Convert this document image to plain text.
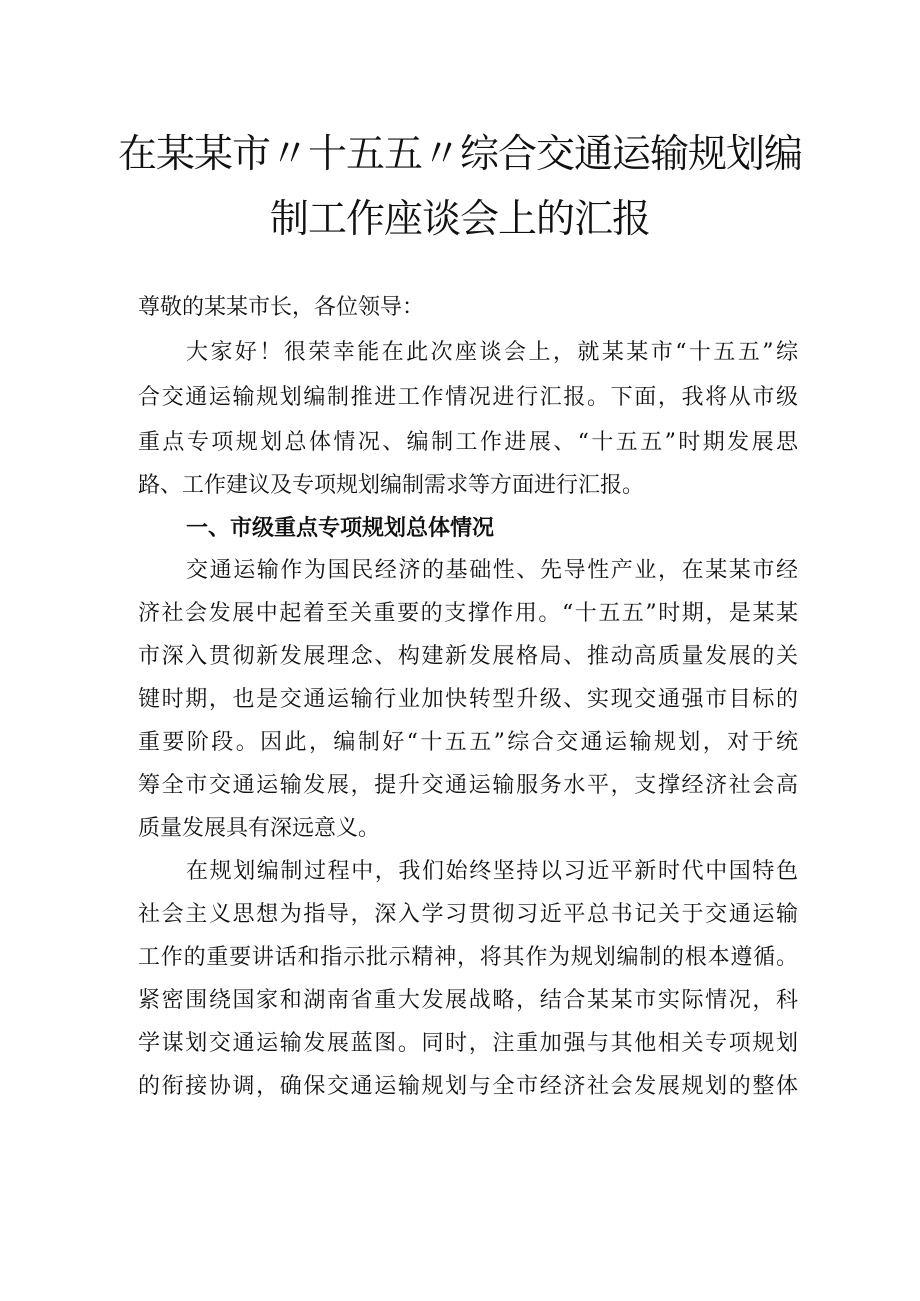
在某某市〃十五五〃综合交通运输规划编
制工作座谈会上的汇报
尊敬的某某市长，各位领导：
大家好！很荣幸能在此次座谈会上，就某某市“十五五”综
合交通运输规划编制推进工作情况进行汇报。下面，我将从市级
重点专项规划总体情况、编制工作进展、“十五五”时期发展思
路、工作建议及专项规划编制需求等方面进行汇报。
一、市级重点专项规划总体情况
交通运输作为国民经济的基础性、先导性产业，在某某市经
济社会发展中起着至关重要的支撑作用。“十五五”时期，是某某
市深入贯彻新发展理念、构建新发展格局、推动高质量发展的关
键时期，也是交通运输行业加快转型升级、实现交通强市目标的
重要阶段。因此，编制好“十五五”综合交通运输规划，对于统
筹全市交通运输发展，提升交通运输服务水平，支撑经济社会高
质量发展具有深远意义。
在规划编制过程中，我们始终坚持以习近平新时代中国特色
社会主义思想为指导，深入学习贯彻习近平总书记关于交通运输
工作的重要讲话和指示批示精神，将其作为规划编制的根本遵循。
紧密围绕国家和湖南省重大发展战略，结合某某市实际情况，科
学谋划交通运输发展蓝图。同时，注重加强与其他相关专项规划
的衔接协调，确保交通运输规划与全市经济社会发展规划的整体
